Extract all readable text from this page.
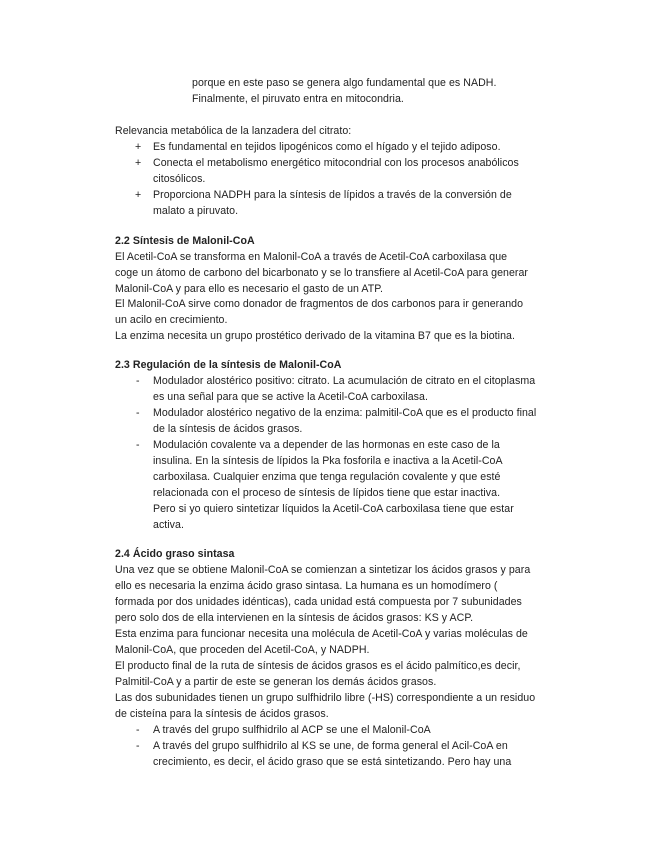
porque en este paso se genera algo fundamental que es NADH.
Finalmente, el piruvato entra en mitocondria.
Relevancia metabólica de la lanzadera del citrato:
+ Es fundamental en tejidos lipogénicos como el hígado y el tejido adiposo.
+ Conecta el metabolismo energético mitocondrial con los procesos anabólicos
citosólicos.
+ Proporciona NADPH para la síntesis de lípidos a través de la conversión de
malato a piruvato.
2.2 Síntesis de Malonil-CoA
El Acetil-CoA se transforma en Malonil-CoA a través de Acetil-CoA carboxilasa que
coge un átomo de carbono del bicarbonato y se lo transfiere al Acetil-CoA para generar
Malonil-CoA y para ello es necesario el gasto de un ATP.
El Malonil-CoA sirve como donador de fragmentos de dos carbonos para ir generando
un acilo en crecimiento.
La enzima necesita un grupo prostético derivado de la vitamina B7 que es la biotina.
2.3 Regulación de la síntesis de Malonil-CoA
- Modulador alostérico positivo: citrato. La acumulación de citrato en el citoplasma
es una señal para que se active la Acetil-CoA carboxilasa.
- Modulador alostérico negativo de la enzima: palmitil-CoA que es el producto final
de la síntesis de ácidos grasos.
- Modulación covalente va a depender de las hormonas en este caso de la
insulina. En la síntesis de lípidos la Pka fosforila e inactiva a la Acetil-CoA
carboxilasa. Cualquier enzima que tenga regulación covalente y que esté
relacionada con el proceso de síntesis de lípidos tiene que estar inactiva.
Pero si yo quiero sintetizar líquidos la Acetil-CoA carboxilasa tiene que estar
activa.
2.4 Ácido graso sintasa
Una vez que se obtiene Malonil-CoA se comienzan a sintetizar los ácidos grasos y para
ello es necesaria la enzima ácido graso sintasa. La humana es un homodímero (
formada por dos unidades idénticas), cada unidad está compuesta por 7 subunidades
pero solo dos de ella intervienen en la síntesis de ácidos grasos: KS y ACP.
Esta enzima para funcionar necesita una molécula de Acetil-CoA y varias moléculas de
Malonil-CoA, que proceden del Acetil-CoA, y NADPH.
El producto final de la ruta de síntesis de ácidos grasos es el ácido palmítico,es decir,
Palmitil-CoA y a partir de este se generan los demás ácidos grasos.
Las dos subunidades tienen un grupo sulfhidrilo libre (-HS) correspondiente a un residuo
de cisteína para la síntesis de ácidos grasos.
- A través del grupo sulfhidrilo al ACP se une el Malonil-CoA
- A través del grupo sulfhidrilo al KS se une, de forma general el Acil-CoA en
crecimiento, es decir, el ácido graso que se está sintetizando. Pero hay una
